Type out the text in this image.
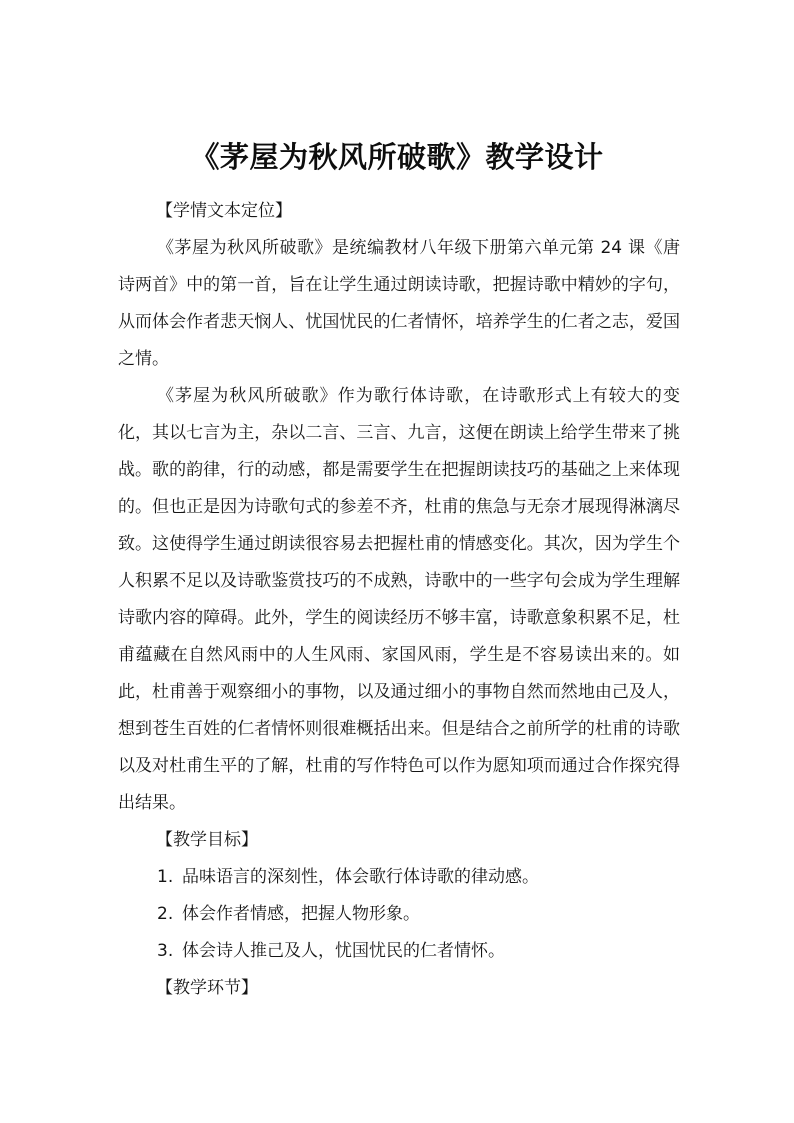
《茅屋为秋风所破歌》教学设计

【学情文本定位】

《茅屋为秋风所破歌》是统编教材八年级下册第六单元第 24 课《唐诗两首》中的第一首，旨在让学生通过朗读诗歌，把握诗歌中精妙的字句，从而体会作者悲天悯人、忧国忧民的仁者情怀，培养学生的仁者之志，爱国之情。

《茅屋为秋风所破歌》作为歌行体诗歌，在诗歌形式上有较大的变化，其以七言为主，杂以二言、三言、九言，这便在朗读上给学生带来了挑战。歌的韵律，行的动感，都是需要学生在把握朗读技巧的基础之上来体现的。但也正是因为诗歌句式的参差不齐，杜甫的焦急与无奈才展现得淋漓尽致。这使得学生通过朗读很容易去把握杜甫的情感变化。其次，因为学生个人积累不足以及诗歌鉴赏技巧的不成熟，诗歌中的一些字句会成为学生理解诗歌内容的障碍。此外，学生的阅读经历不够丰富，诗歌意象积累不足，杜甫蕴藏在自然风雨中的人生风雨、家国风雨，学生是不容易读出来的。如此，杜甫善于观察细小的事物，以及通过细小的事物自然而然地由己及人，想到苍生百姓的仁者情怀则很难概括出来。但是结合之前所学的杜甫的诗歌以及对杜甫生平的了解，杜甫的写作特色可以作为愿知项而通过合作探究得出结果。

【教学目标】

1. 品味语言的深刻性，体会歌行体诗歌的律动感。
2. 体会作者情感，把握人物形象。
3. 体会诗人推己及人，忧国忧民的仁者情怀。

【教学环节】
